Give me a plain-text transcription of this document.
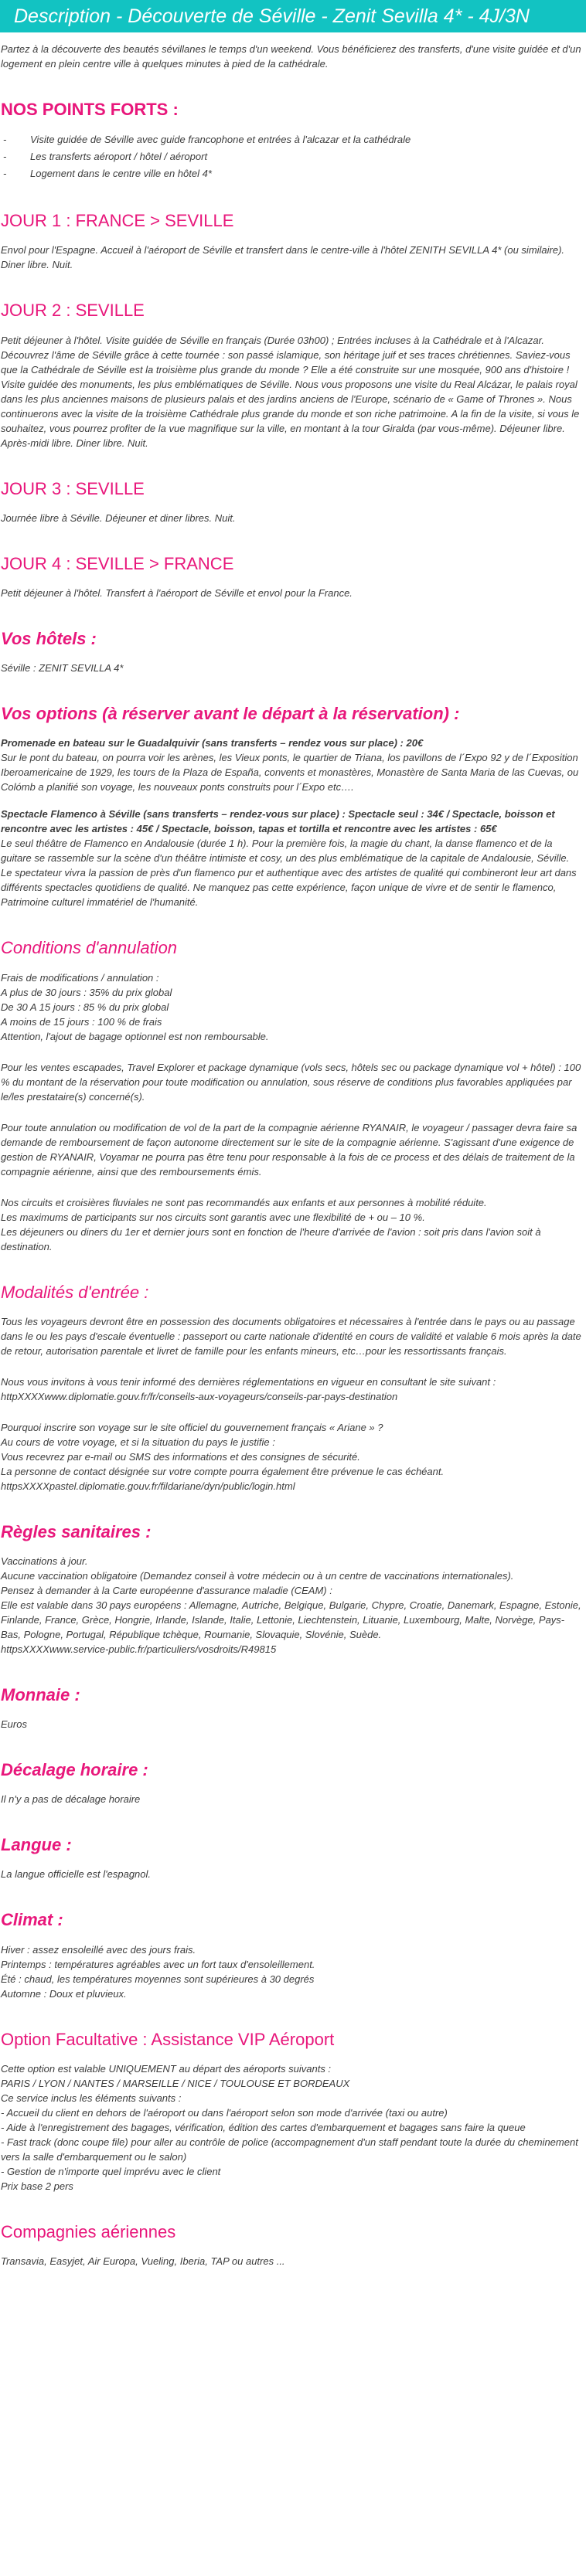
Description - Découverte de Séville - Zenit Sevilla 4* - 4J/3N

Partez à la découverte des beautés sévillanes le temps d'un weekend. Vous bénéficierez des transferts, d'une visite guidée et d'un logement en plein centre ville à quelques minutes à pied de la cathédrale.

NOS POINTS FORTS :
- Visite guidée de Séville avec guide francophone et entrées à l'alcazar et la cathédrale
- Les transferts aéroport / hôtel / aéroport
- Logement dans le centre ville en hôtel 4*
JOUR 1 : FRANCE > SEVILLE

Envol pour l'Espagne. Accueil à l'aéroport de Séville et transfert dans le centre-ville à l'hôtel ZENITH SEVILLA 4* (ou similaire). Diner libre. Nuit.

JOUR 2 : SEVILLE

Petit déjeuner à l'hôtel. Visite guidée de Séville en français (Durée 03h00) ; Entrées incluses à la Cathédrale et à l'Alcazar. Découvrez l'âme de Séville grâce à cette tournée : son passé islamique, son héritage juif et ses traces chrétiennes. Saviez-vous que la Cathédrale de Séville est la troisième plus grande du monde ? Elle a été construite sur une mosquée, 900 ans d'histoire ! Visite guidée des monuments, les plus emblématiques de Séville. Nous vous proposons une visite du Real Alcázar, le palais royal dans les plus anciennes maisons de plusieurs palais et des jardins anciens de l'Europe, scénario de « Game of Thrones ». Nous continuerons avec la visite de la troisième Cathédrale plus grande du monde et son riche patrimoine. A la fin de la visite, si vous le souhaitez, vous pourrez profiter de la vue magnifique sur la ville, en montant à la tour Giralda (par vous-même). Déjeuner libre. Après-midi libre. Diner libre. Nuit.

JOUR 3 : SEVILLE

Journée libre à Séville. Déjeuner et diner libres. Nuit.

JOUR 4 : SEVILLE > FRANCE

Petit déjeuner à l'hôtel. Transfert à l'aéroport de Séville et envol pour la France.

Vos hôtels :

Séville : ZENIT SEVILLA 4*

Vos options (à réserver avant le départ à la réservation) :

Promenade en bateau sur le Guadalquivir (sans transferts – rendez vous sur place) : 20€

Sur le pont du bateau, on pourra voir les arènes, les Vieux ponts, le quartier de Triana, los pavillons de l´Expo 92 y de l´Exposition Iberoamericaine de 1929, les tours de la Plaza de España, convents et monastères, Monastère de Santa Maria de las Cuevas, ou Colómb a planifié son voyage, les nouveaux ponts construits pour l´Expo etc….

Spectacle Flamenco à Séville (sans transferts – rendez-vous sur place) : Spectacle seul : 34€ / Spectacle, boisson et rencontre avec les artistes : 45€ / Spectacle, boisson, tapas et tortilla et rencontre avec les artistes : 65€

Le seul théâtre de Flamenco en Andalousie (durée 1 h). Pour la première fois, la magie du chant, la danse flamenco et de la guitare se rassemble sur la scène d'un théâtre intimiste et cosy, un des plus emblématique de la capitale de Andalousie, Séville. Le spectateur vivra la passion de près d'un flamenco pur et authentique avec des artistes de qualité qui combineront leur art dans différents spectacles quotidiens de qualité. Ne manquez pas cette expérience, façon unique de vivre et de sentir le flamenco, Patrimoine culturel immatériel de l'humanité.

Conditions d'annulation

Frais de modifications / annulation :
A plus de 30 jours : 35% du prix global
De 30 A 15 jours : 85 % du prix global
A moins de 15 jours : 100 % de frais
Attention, l'ajout de bagage optionnel est non remboursable.

Pour les ventes escapades, Travel Explorer et package dynamique (vols secs, hôtels sec ou package dynamique vol + hôtel) : 100 % du montant de la réservation pour toute modification ou annulation, sous réserve de conditions plus favorables appliquées par le/les prestataire(s) concerné(s).

Pour toute annulation ou modification de vol de la part de la compagnie aérienne RYANAIR, le voyageur / passager devra faire sa demande de remboursement de façon autonome directement sur le site de la compagnie aérienne. S'agissant d'une exigence de gestion de RYANAIR, Voyamar ne pourra pas être tenu pour responsable à la fois de ce process et des délais de traitement de la compagnie aérienne, ainsi que des remboursements émis.

Nos circuits et croisières fluviales ne sont pas recommandés aux enfants et aux personnes à mobilité réduite.
Les maximums de participants sur nos circuits sont garantis avec une flexibilité de + ou – 10 %.
Les déjeuners ou diners du 1er et dernier jours sont en fonction de l'heure d'arrivée de l'avion : soit pris dans l'avion soit à destination.

Modalités d'entrée :

Tous les voyageurs devront être en possession des documents obligatoires et nécessaires à l'entrée dans le pays ou au passage dans le ou les pays d'escale éventuelle : passeport ou carte nationale d'identité en cours de validité et valable 6 mois après la date de retour, autorisation parentale et livret de famille pour les enfants mineurs, etc…pour les ressortissants français.

Nous vous invitons à vous tenir informé des dernières réglementations en vigueur en consultant le site suivant : httpXXXXwww.diplomatie.gouv.fr/fr/conseils-aux-voyageurs/conseils-par-pays-destination

Pourquoi inscrire son voyage sur le site officiel du gouvernement français « Ariane » ?
Au cours de votre voyage, et si la situation du pays le justifie :
Vous recevrez par e-mail ou SMS des informations et des consignes de sécurité.
La personne de contact désignée sur votre compte pourra également être prévenue le cas échéant.
httpsXXXXpastel.diplomatie.gouv.fr/fildariane/dyn/public/login.html

Règles sanitaires :

Vaccinations à jour.
Aucune vaccination obligatoire (Demandez conseil à votre médecin ou à un centre de vaccinations internationales).
Pensez à demander à la Carte européenne d'assurance maladie (CEAM) :
Elle est valable dans 30 pays européens : Allemagne, Autriche, Belgique, Bulgarie, Chypre, Croatie, Danemark, Espagne, Estonie, Finlande, France, Grèce, Hongrie, Irlande, Islande, Italie, Lettonie, Liechtenstein, Lituanie, Luxembourg, Malte, Norvège, Pays-Bas, Pologne, Portugal, République tchèque, Roumanie, Slovaquie, Slovénie, Suède.
httpsXXXXwww.service-public.fr/particuliers/vosdroits/R49815

Monnaie :

Euros

Décalage horaire :

Il n'y a pas de décalage horaire

Langue :

La langue officielle est l'espagnol.

Climat :

Hiver : assez ensoleillé avec des jours frais.
Printemps : températures agréables avec un fort taux d'ensoleillement.
Été : chaud, les températures moyennes sont supérieures à 30 degrés
Automne : Doux et pluvieux.

Option Facultative : Assistance VIP Aéroport

Cette option est valable UNIQUEMENT au départ des aéroports suivants :
PARIS / LYON / NANTES / MARSEILLE / NICE / TOULOUSE ET BORDEAUX
Ce service inclus les éléments suivants :
- Accueil du client en dehors de l'aéroport ou dans l'aéroport selon son mode d'arrivée (taxi ou autre)
- Aide à l'enregistrement des bagages, vérification, édition des cartes d'embarquement et bagages sans faire la queue
- Fast track (donc coupe file) pour aller au contrôle de police (accompagnement d'un staff pendant toute la durée du cheminement vers la salle d'embarquement ou le salon)
- Gestion de n'importe quel imprévu avec le client
Prix base 2 pers

Compagnies aériennes

Transavia, Easyjet, Air Europa, Vueling, Iberia, TAP ou autres ...
